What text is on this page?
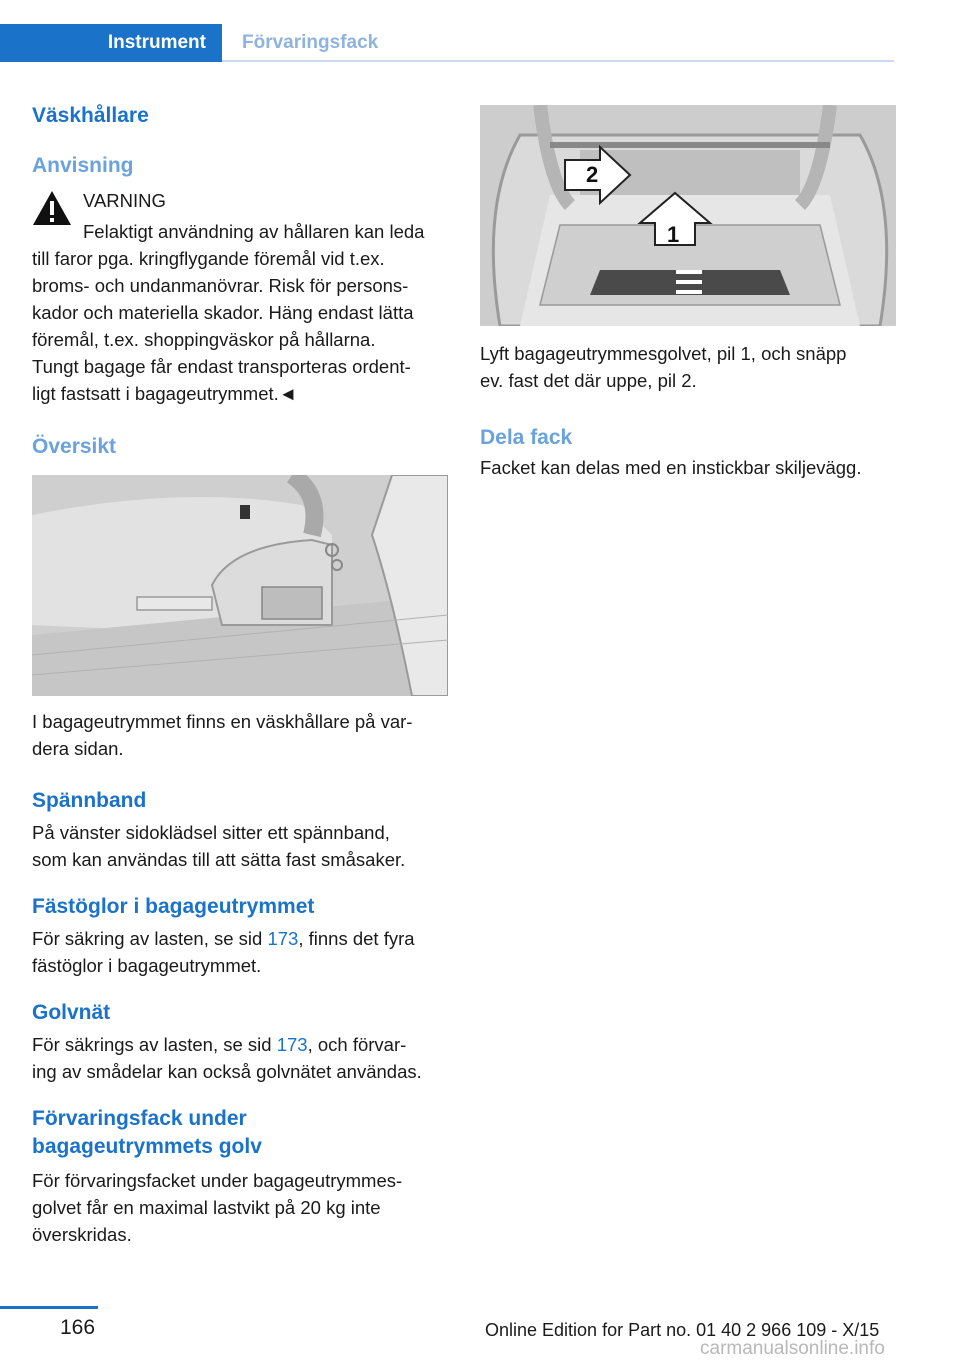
Instrument	Förvaringsfack
Väskhållare
Anvisning
VARNING

Felaktigt användning av hållaren kan leda

till faror pga. kringflygande föremål vid t.ex.

broms- och undanmanövrar. Risk för persons-

kador och materiella skador. Häng endast lätta

föremål, t.ex. shoppingväskor på hållarna.

Tungt bagage får endast transporteras ordent-

ligt fastsatt i bagageutrymmet.◄

Översikt

I bagageutrymmet finns en väskhållare på var-

dera sidan.

Spännband

På vänster sidoklädsel sitter ett spännband,

som kan användas till att sätta fast småsaker.

Fästöglor i bagageutrymmet

För säkring av lasten, se sid 173, finns det fyra

fästöglor i bagageutrymmet.

Golvnät

För säkrings av lasten, se sid 173, och förvar-

ing av smådelar kan också golvnätet användas.

Förvaringsfack under
bagageutrymmets golv

För förvaringsfacket under bagageutrymmes-

golvet får en maximal lastvikt på 20 kg inte

överskridas.

2
1

Lyft bagageutrymmesgolvet, pil 1, och snäpp

ev. fast det där uppe, pil 2.

Dela fack

Facket kan delas med en instickbar skiljevägg.

166	Online Edition for Part no. 01 40 2 966 109 - X/15
carmanualsonline.info
